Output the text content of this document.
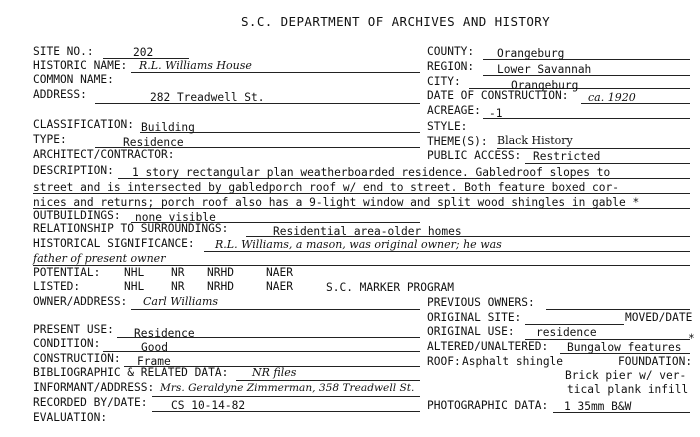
S.C. DEPARTMENT OF ARCHIVES AND HISTORY
SITE NO.:	202
HISTORIC NAME: R.L. Williams House
COMMON NAME:
ADDRESS:	282 Treadwell St.
CLASSIFICATION: Building
TYPE:	Residence
ARCHITECT/CONTRACTOR:
DESCRIPTION: 1 story rectangular plan weatherboarded residence. Gabledroof slopes to
street and is intersected by gabledporch roof w/ end to street. Both feature boxed cor-
nices and returns; porch roof also has a 9-light window and split wood shingles in gable *
OUTBUILDINGS: none visible
RELATIONSHIP TO SURROUNDINGS:	Residential area-older homes
HISTORICAL SIGNIFICANCE: R.L. Williams, a mason, was original owner; he was
father of present owner
POTENTIAL: NHL NR NRHD	NAER
LISTED:	NHL NR NRHD	NAER	S.C. MARKER PROGRAM
OWNER/ADDRESS: Carl Williams
PRESENT USE: Residence
CONDITION:	Good
CONSTRUCTION: Frame
BIBLIOGRAPHIC & RELATED DATA: NR files
INFORMANT/ADDRESS: Mrs. Geraldyne Zimmerman, 358 Treadwell St.
RECORDED BY/DATE: CS 10-14-82
EVALUATION:
COUNTY: Orangeburg
REGION: Lower Savannah
CITY:	Orangeburg
DATE OF CONSTRUCTION: ca. 1920
ACREAGE: -1
STYLE:
THEME(S): Black History
PUBLIC ACCESS: Restricted
PREVIOUS OWNERS:
ORIGINAL SITE:	MOVED/DATE
ORIGINAL USE: residence
ALTERED/UNALTERED: Bungalow features
*
ROOF: Asphalt shingle	FOUNDATION:
Brick pier w/ ver-
tical plank infill
PHOTOGRAPHIC DATA: 1 35mm B&W
